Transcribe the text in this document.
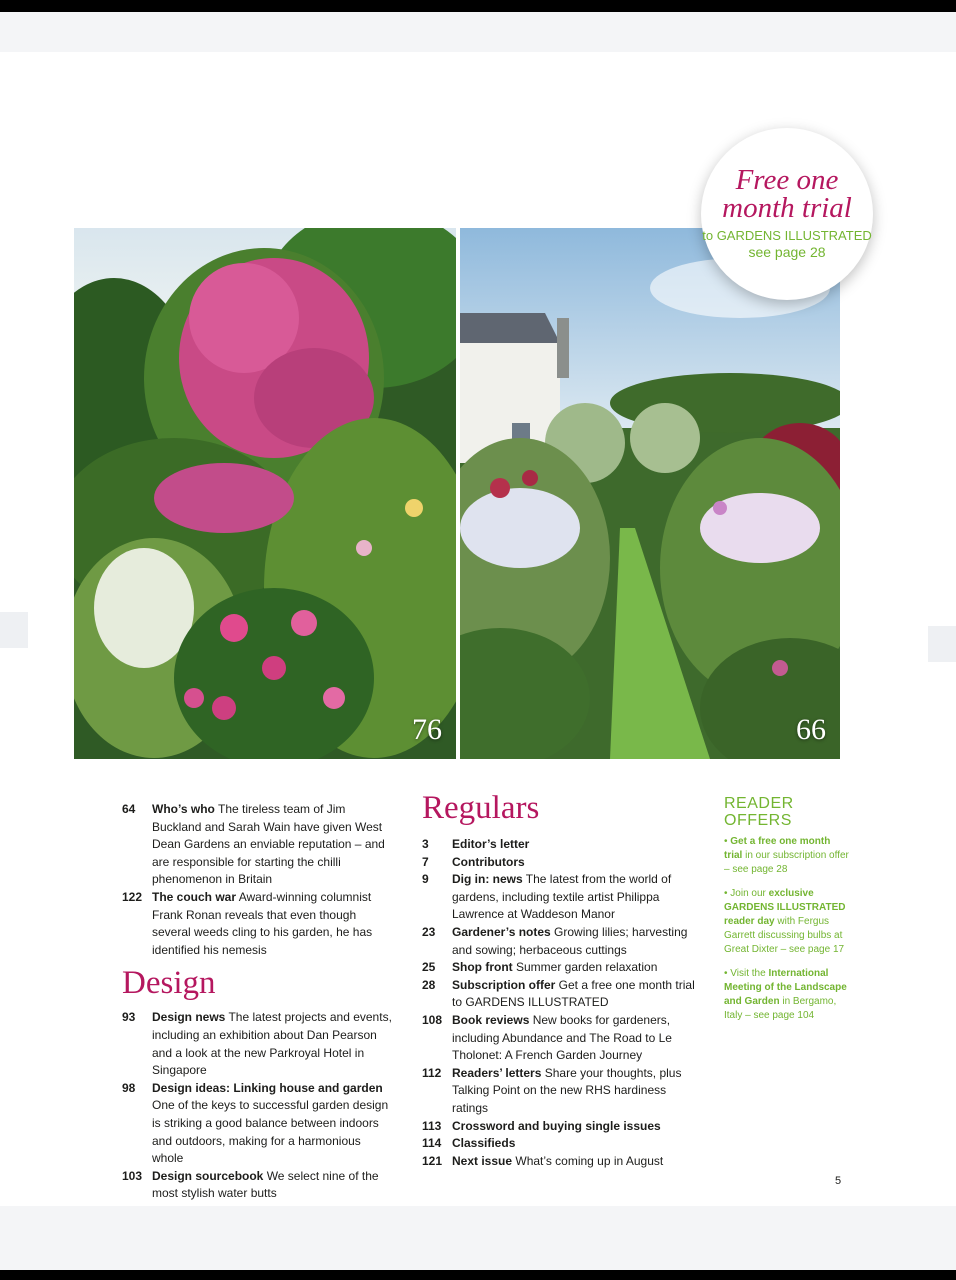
76	66
Free one
month trial
to GARDENS ILLUSTRATED
see page 28
64	Who’s who The tireless team of Jim Buckland and Sarah Wain have given West Dean Gardens an enviable reputation – and are responsible for starting the chilli phenomenon in Britain
122 The couch war Award-winning columnist Frank Ronan reveals that even though several weeds cling to his garden, he has identified his nemesis
Design
93	Design news The latest projects and events, including an exhibition about Dan Pearson and a look at the new Parkroyal Hotel in Singapore
98	Design ideas: Linking house and garden One of the keys to successful garden design is striking a good balance between indoors and outdoors, making for a harmonious whole
103 Design sourcebook We select nine of the most stylish water butts
Regulars
3	Editor’s letter
7	Contributors
9	Dig in: news The latest from the world of gardens, including textile artist Philippa Lawrence at Waddeson Manor
23	Gardener’s notes Growing lilies; harvesting and sowing; herbaceous cuttings
25	Shop front Summer garden relaxation
28	Subscription offer Get a free one month trial to GARDENS ILLUSTRATED
108 Book reviews New books for gardeners, including Abundance and The Road to Le Tholonet: A French Garden Journey
112 Readers’ letters Share your thoughts, plus Talking Point on the new RHS hardiness ratings
113 Crossword and buying single issues
114 Classifieds
121 Next issue What’s coming up in August
READER
OFFERS
• Get a free one month trial in our subscription offer – see page 28
• Join our exclusive GARDENS ILLUSTRATED reader day with Fergus Garrett discussing bulbs at Great Dixter – see page 17
• Visit the International Meeting of the Landscape and Garden in Bergamo, Italy – see page 104
5
